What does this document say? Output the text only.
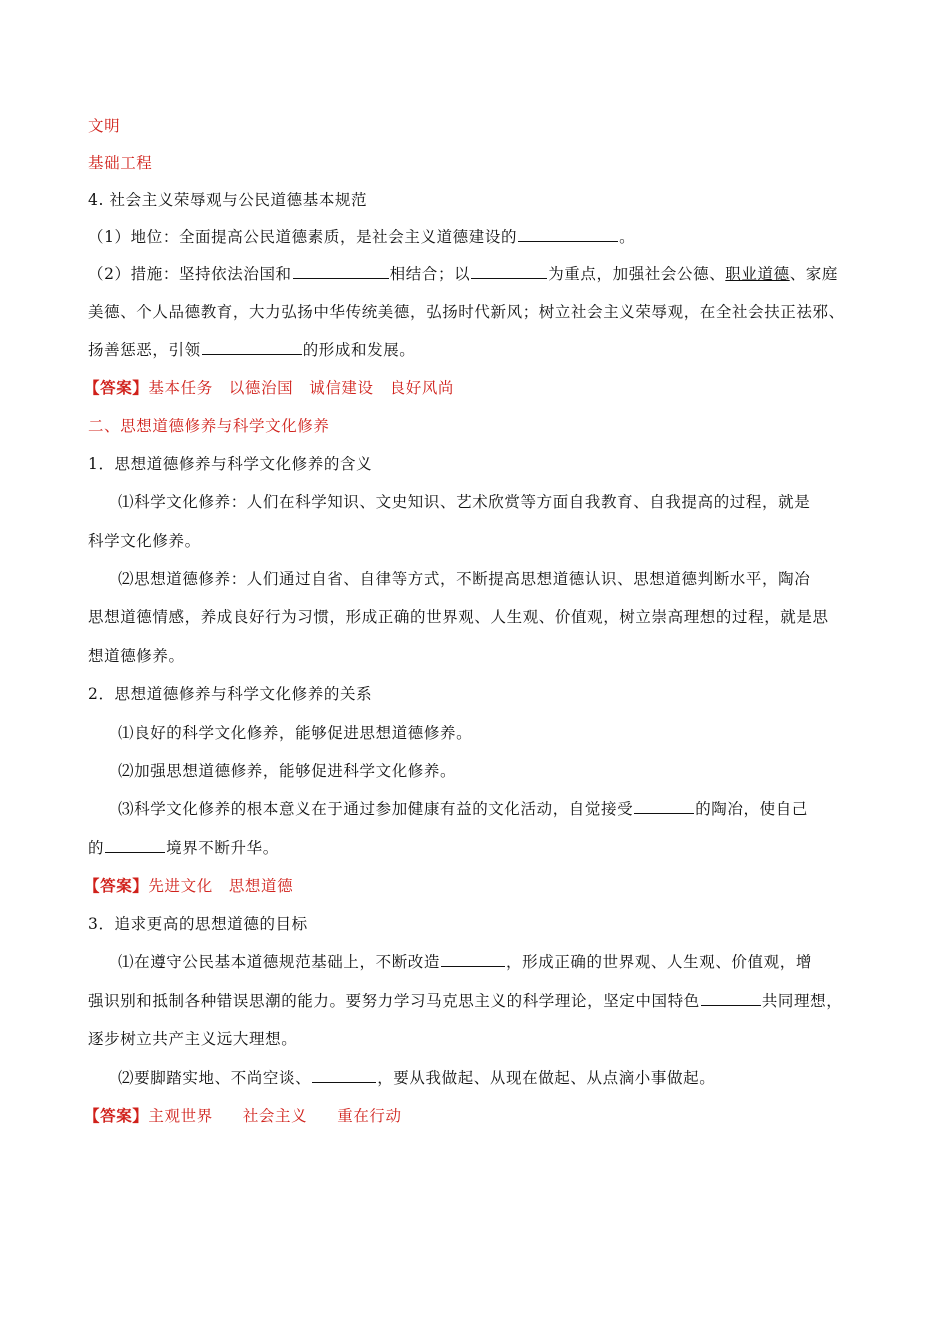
文明
基础工程
4. 社会主义荣辱观与公民道德基本规范
（1）地位：全面提高公民道德素质，是社会主义道德建设的	。
（2）措施：坚持依法治国和	相结合；以	为重点，加强社会公德、职业道德、家庭
美德、个人品德教育，大力弘扬中华传统美德，弘扬时代新风；树立社会主义荣辱观，在全社会扶正祛邪、
扬善惩恶，引领	的形成和发展。
【答案】基本任务 以德治国 诚信建设 良好风尚
二、思想道德修养与科学文化修养
1．思想道德修养与科学文化修养的含义
⑴科学文化修养：人们在科学知识、文史知识、艺术欣赏等方面自我教育、自我提高的过程，就是
科学文化修养。
⑵思想道德修养：人们通过自省、自律等方式，不断提高思想道德认识、思想道德判断水平，陶冶
思想道德情感，养成良好行为习惯，形成正确的世界观、人生观、价值观，树立崇高理想的过程，就是思
想道德修养。
2．思想道德修养与科学文化修养的关系
⑴良好的科学文化修养，能够促进思想道德修养。
⑵加强思想道德修养，能够促进科学文化修养。
⑶科学文化修养的根本意义在于通过参加健康有益的文化活动，自觉接受	的陶冶，使自己
的	境界不断升华。
【答案】先进文化 思想道德
3．追求更高的思想道德的目标
⑴在遵守公民基本道德规范基础上，不断改造	，形成正确的世界观、人生观、价值观，增
强识别和抵制各种错误思潮的能力。要努力学习马克思主义的科学理论，坚定中国特色	共同理想，
逐步树立共产主义远大理想。
⑵要脚踏实地、不尚空谈、	，要从我做起、从现在做起、从点滴小事做起。
【答案】主观世界 社会主义 重在行动
